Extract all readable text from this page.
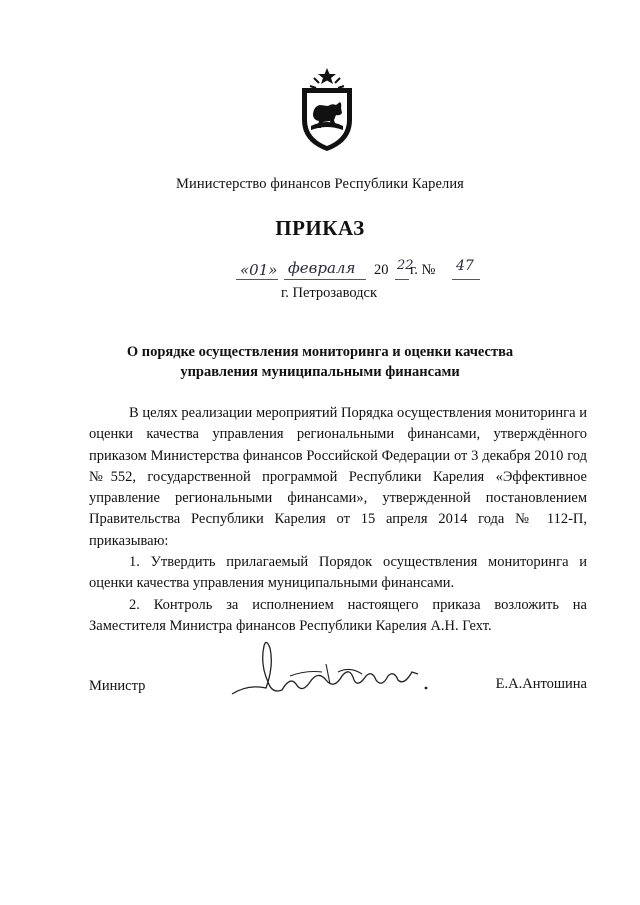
Министерство финансов Республики Карелия
ПРИКАЗ
«01» февраля 20 22
г. № 47
г. Петрозаводск
О порядке осуществления мониторинга и оценки качества управления муниципальными финансами

В целях реализации мероприятий Порядка осуществления мониторинга и оценки качества управления региональными финансами, утверждённого приказом Министерства финансов Российской Федерации от 3 декабря 2010 год №552, государственной программой Республики Карелия «Эффективное управление региональными финансами», утвержденной постановлением Правительства Республики Карелия от 15 апреля 2014 года № 112-П, приказываю:

1. Утвердить прилагаемый Порядок осуществления мониторинга и оценки качества управления муниципальными финансами.

2. Контроль за исполнением настоящего приказа возложить на Заместителя Министра финансов Республики Карелия А.Н. Гехт.

Министр	Е.А.Антошина
